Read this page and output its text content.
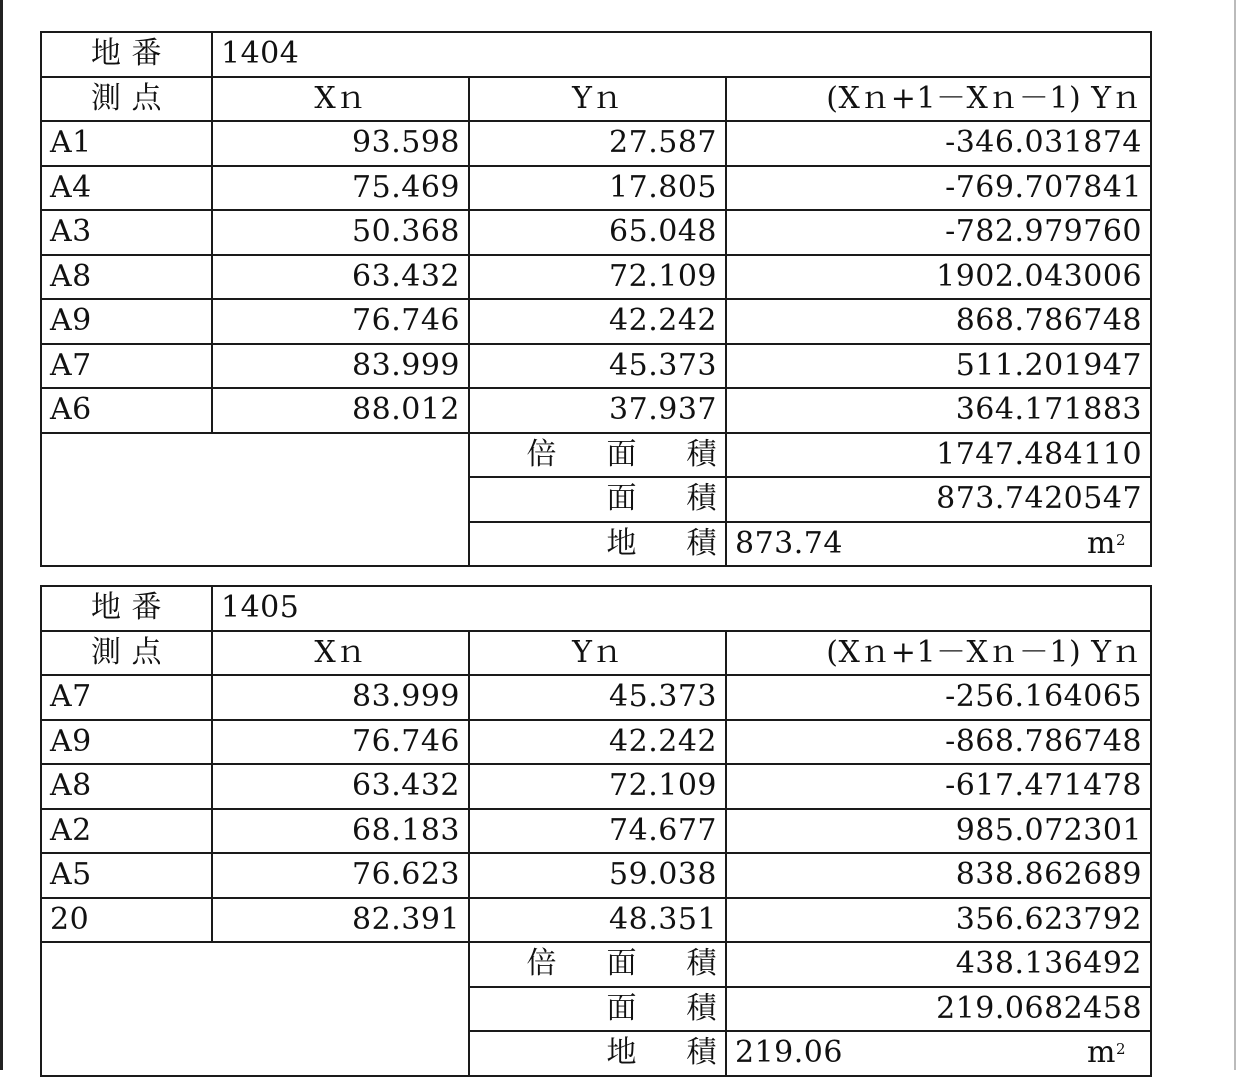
地 番	1404		
測 点	Xｎ	Yｎ	(Xｎ+1－Xｎ－1) Yｎ
A1	93.598	27.587	-346.031874
A4	75.469	17.805	-769.707841
A3	50.368	65.048	-782.979760
A8	63.432	72.109	1902.043006
A9	76.746	42.242	868.786748
A7	83.999	45.373	511.201947
A6	88.012	37.937	364.171883
		倍 面 積	1747.484110
		面 積	873.7420547
		地 積	873.74 $m^2$
地 番	1405		
測 点	Xｎ	Yｎ	(Xｎ+1－Xｎ－1) Yｎ
A7	83.999	45.373	-256.164065
A9	76.746	42.242	-868.786748
A8	63.432	72.109	-617.471478
A2	68.183	74.677	985.072301
A5	76.623	59.038	838.862689
20	82.391	48.351	356.623792
		倍 面 積	438.136492
		面 積	219.0682458
		地 積	219.06 $m^2$
